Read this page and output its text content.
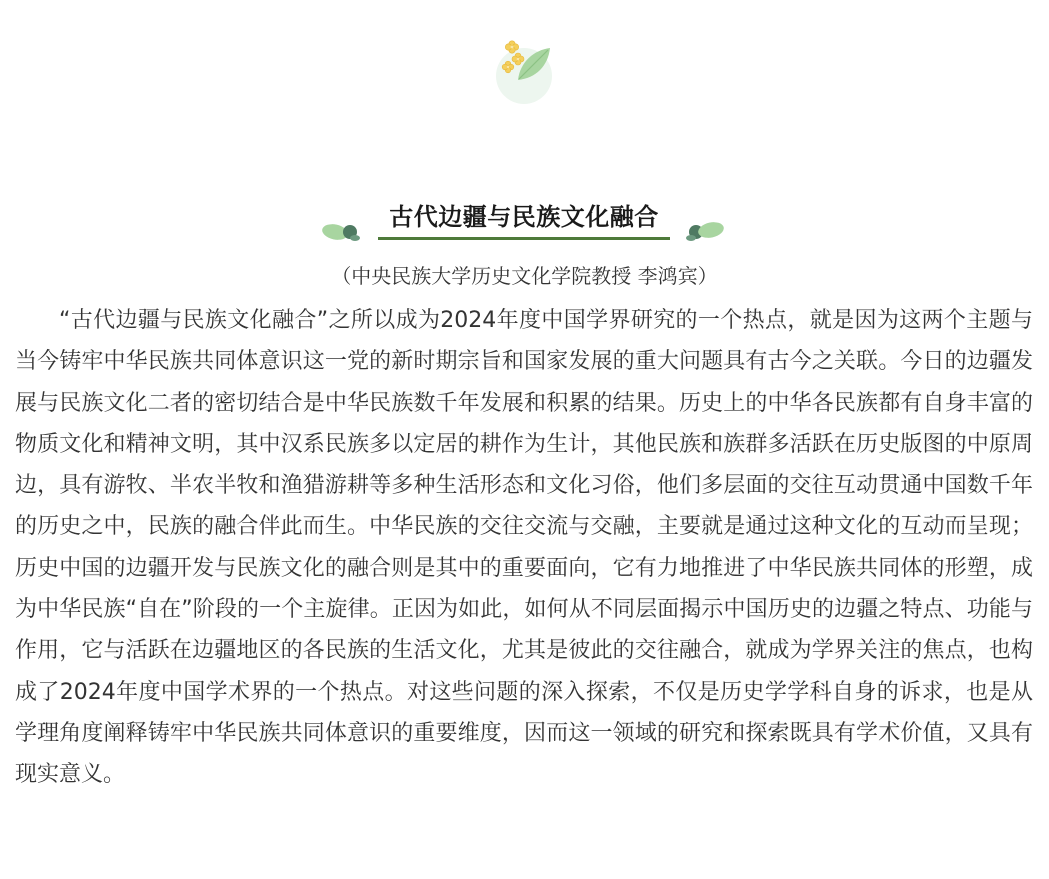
古代边疆与民族文化融合
（中央民族大学历史文化学院教授 李鸿宾）

“古代边疆与民族文化融合”之所以成为2024年度中国学界研究的一个热点，就是因为这两个主题与当今铸牢中华民族共同体意识这一党的新时期宗旨和国家发展的重大问题具有古今之关联。今日的边疆发展与民族文化二者的密切结合是中华民族数千年发展和积累的结果。历史上的中华各民族都有自身丰富的物质文化和精神文明，其中汉系民族多以定居的耕作为生计，其他民族和族群多活跃在历史版图的中原周边，具有游牧、半农半牧和渔猎游耕等多种生活形态和文化习俗，他们多层面的交往互动贯通中国数千年的历史之中，民族的融合伴此而生。中华民族的交往交流与交融，主要就是通过这种文化的互动而呈现；历史中国的边疆开发与民族文化的融合则是其中的重要面向，它有力地推进了中华民族共同体的形塑，成为中华民族“自在”阶段的一个主旋律。正因为如此，如何从不同层面揭示中国历史的边疆之特点、功能与作用，它与活跃在边疆地区的各民族的生活文化，尤其是彼此的交往融合，就成为学界关注的焦点，也构成了2024年度中国学术界的一个热点。对这些问题的深入探索，不仅是历史学学科自身的诉求，也是从学理角度阐释铸牢中华民族共同体意识的重要维度，因而这一领域的研究和探索既具有学术价值，又具有现实意义。
